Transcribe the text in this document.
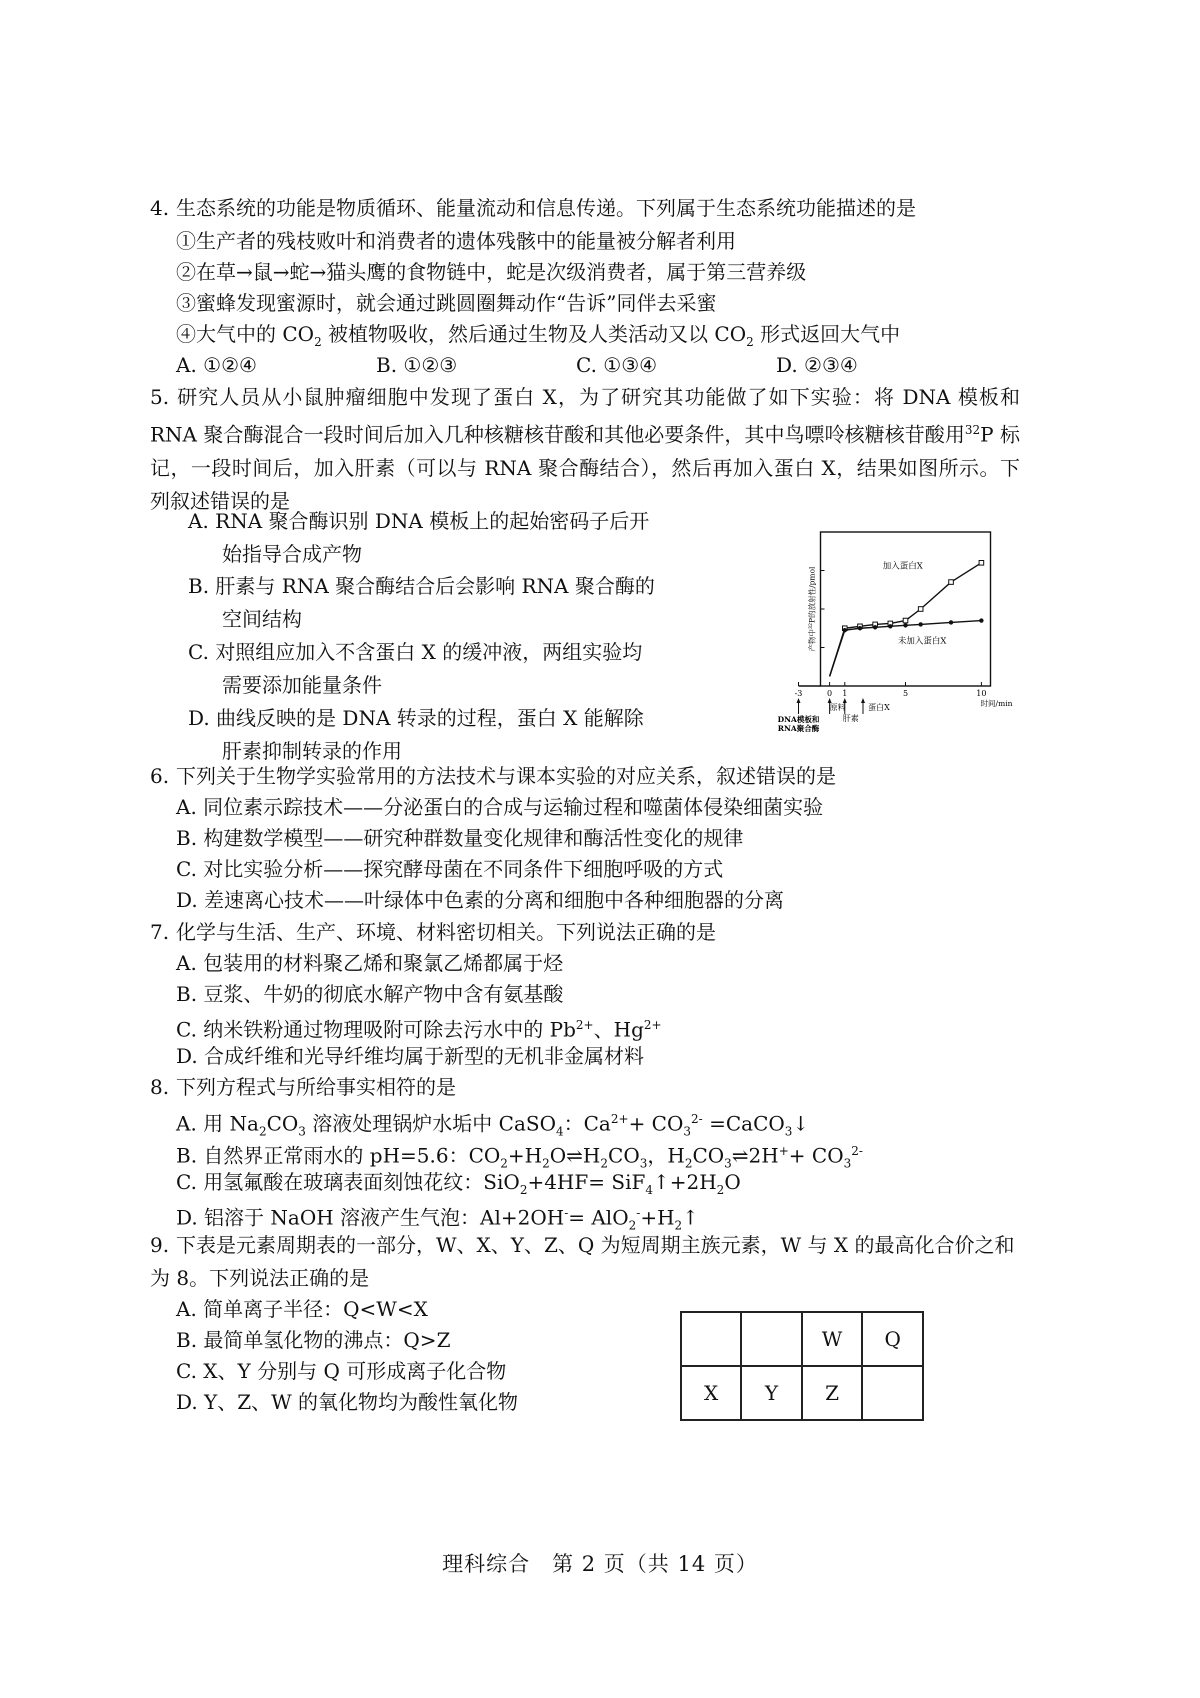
4. 生态系统的功能是物质循环、能量流动和信息传递。下列属于生态系统功能描述的是
①生产者的残枝败叶和消费者的遗体残骸中的能量被分解者利用
②在草→鼠→蛇→猫头鹰的食物链中，蛇是次级消费者，属于第三营养级
③蜜蜂发现蜜源时，就会通过跳圆圈舞动作“告诉”同伴去采蜜
④大气中的 $CO_2$ 被植物吸收，然后通过生物及人类活动又以 $CO_2$ 形式返回大气中
A. ①②④	B. ①②③	C. ①③④	D. ②③④
5. 研究人员从小鼠肿瘤细胞中发现了蛋白 X，为了研究其功能做了如下实验：将 DNA 模板和 RNA 聚合酶混合一段时间后加入几种核糖核苷酸和其他必要条件，其中鸟嘌呤核糖核苷酸用$^{32}$P 标记，一段时间后，加入肝素（可以与 RNA 聚合酶结合），然后再加入蛋白 X，结果如图所示。下列叙述错误的是
A. RNA 聚合酶识别 DNA 模板上的起始密码子后开
始指导合成产物
B. 肝素与 RNA 聚合酶结合后会影响 RNA 聚合酶的
空间结构
C. 对照组应加入不含蛋白 X 的缓冲液，两组实验均
需要添加能量条件
D. 曲线反映的是 DNA 转录的过程，蛋白 X 能解除
肝素抑制转录的作用
-3	0 1	5	10
时间/min
产物中³²P的放射性/pmol	加入蛋白X
未加入蛋白X
DNA模板和
RNA聚合酶
原料
肝素
蛋白X
6. 下列关于生物学实验常用的方法技术与课本实验的对应关系，叙述错误的是
A. 同位素示踪技术——分泌蛋白的合成与运输过程和噬菌体侵染细菌实验
B. 构建数学模型——研究种群数量变化规律和酶活性变化的规律
C. 对比实验分析——探究酵母菌在不同条件下细胞呼吸的方式
D. 差速离心技术——叶绿体中色素的分离和细胞中各种细胞器的分离
7. 化学与生活、生产、环境、材料密切相关。下列说法正确的是
A. 包装用的材料聚乙烯和聚氯乙烯都属于烃
B. 豆浆、牛奶的彻底水解产物中含有氨基酸
C. 纳米铁粉通过物理吸附可除去污水中的 $Pb^{2+}$、$Hg^{2+}$
D. 合成纤维和光导纤维均属于新型的无机非金属材料
8. 下列方程式与所给事实相符的是
A. 用 $Na_2CO_3$ 溶液处理锅炉水垢中 CaSO$_4$：$Ca^{2+}+ CO_3^{2-}$ =CaCO$_3$↓
B. 自然界正常雨水的 pH=5.6：$CO_2+H_2O\rightleftharpoons H_2CO_3$，$H_2CO_3\rightleftharpoons 2H^++ CO_3^{2-}$
C. 用氢氟酸在玻璃表面刻蚀花纹：$SiO_2+4HF= SiF_4↑+2H_2O$
D. 铝溶于 NaOH 溶液产生气泡：$Al+2OH^-= AlO_2^-+H_2↑$
9. 下表是元素周期表的一部分，W、X、Y、Z、Q 为短周期主族元素，W 与 X 的最高化合价之和为 8。下列说法正确的是
A. 简单离子半径：Q<W<X
B. 最简单氢化物的沸点：Q>Z
C. X、Y 分别与 Q 可形成离子化合物
D. Y、Z、W 的氧化物均为酸性氧化物
		W	Q
X	Y	Z	
理科综合　第 2 页（共 14 页）
